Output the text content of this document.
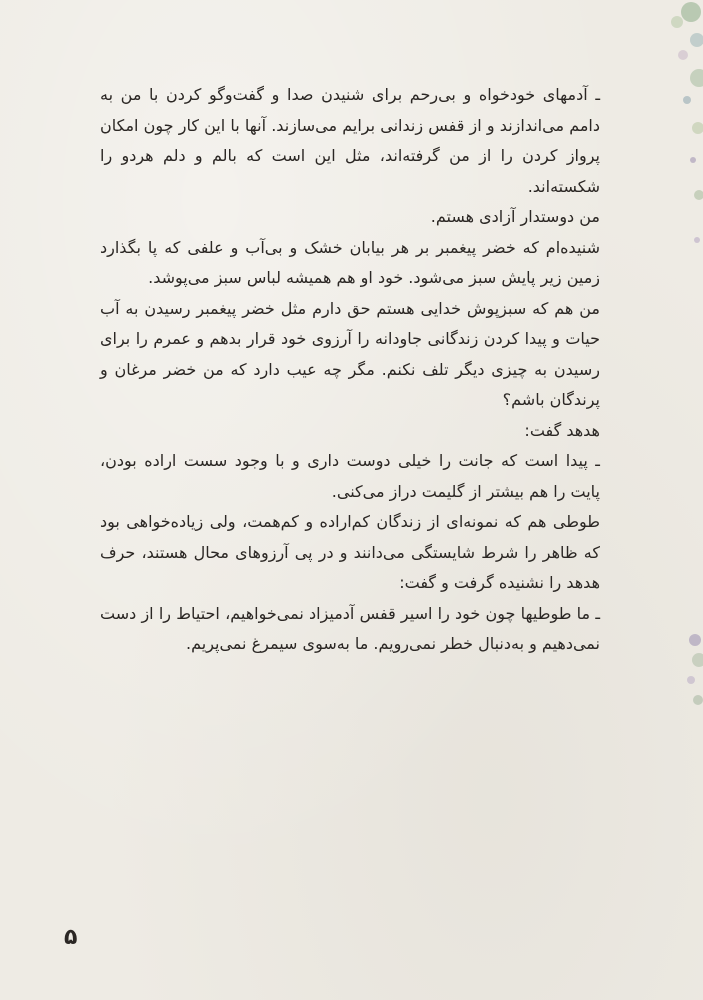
ـ آدمهای خودخواه و بی‌رحم برای شنیدن صدا و گفت‌وگو کردن با من به دامم می‌اندازند و از قفس زندانی برایم می‌سازند. آنها با این کار چون امکان پرواز کردن را از من گرفته‌اند، مثل این است که بالم و دلم هردو را شکسته‌اند.

من دوستدار آزادی هستم.

شنیده‌ام که خضر پیغمبر بر هر بیابان خشک و بی‌آب و علفی که پا بگذارد زمین زیر پایش سبز می‌شود. خود او هم همیشه لباس سبز می‌پوشد.

من هم که سبزپوش خدایی هستم حق دارم مثل خضر پیغمبر رسیدن به آب حیات و پیدا کردن زندگانی جاودانه را آرزوی خود قرار بدهم و عمرم را برای رسیدن به چیزی دیگر تلف نکنم. مگر چه عیب دارد که من خضر مرغان و پرندگان باشم؟

هدهد گفت:

ـ پیدا است که جانت را خیلی دوست داری و با وجود سست اراده بودن، پایت را هم بیشتر از گلیمت دراز می‌کنی.

طوطی هم که نمونه‌ای از زندگان کم‌اراده و کم‌همت، ولی زیاده‌خواهی بود که ظاهر را شرط شایستگی می‌دانند و در پی آرزوهای محال هستند، حرف هدهد را نشنیده گرفت و گفت:

ـ ما طوطیها چون خود را اسیر قفس آدمیزاد نمی‌خواهیم، احتیاط را از دست نمی‌دهیم و به‌دنبال خطر نمی‌رویم. ما به‌سوی سیمرغ نمی‌پریم.

۵
